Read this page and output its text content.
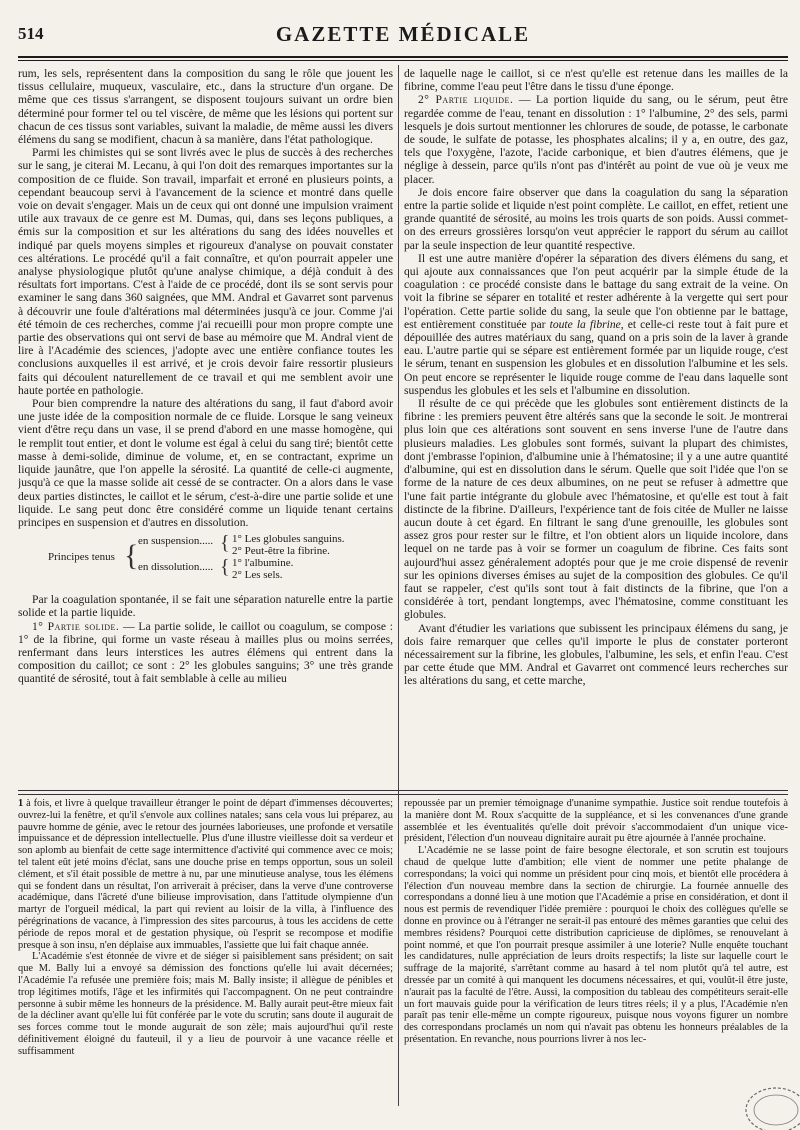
514	GAZETTE MÉDICALE

rum, les sels, représentent dans la composition du sang le rôle que jouent les tissus cellulaire, muqueux, vasculaire, etc., dans la structure d'un organe. De même que ces tissus s'arrangent, se disposent toujours suivant un ordre bien déterminé pour former tel ou tel viscère, de même que les lésions qui portent sur chacun de ces tissus sont variables, suivant la maladie, de même aussi les divers élémens du sang se modifient, chacun à sa manière, dans l'état pathologique.

Parmi les chimistes qui se sont livrés avec le plus de succès à des recherches sur le sang, je citerai M. Lecanu, à qui l'on doit des remarques importantes sur la composition de ce fluide. Son travail, imparfait et erroné en plusieurs points, a cependant beaucoup servi à l'avancement de la science et montré dans quelle voie on devait s'engager. Mais un de ceux qui ont donné une impulsion vraiment utile aux travaux de ce genre est M. Dumas, qui, dans ses leçons publiques, a émis sur la composition et sur les altérations du sang des idées nouvelles et indiqué par quels moyens simples et rigoureux d'analyse on pouvait constater ces altérations. Le procédé qu'il a fait connaître, et qu'on pourrait appeler une analyse physiologique plutôt qu'une analyse chimique, a déjà conduit à des résultats fort importans. C'est à l'aide de ce procédé, dont ils se sont servis pour examiner le sang dans 360 saignées, que MM. Andral et Gavarret sont parvenus à découvrir une foule d'altérations mal déterminées jusqu'à ce jour. Comme j'ai été témoin de ces recherches, comme j'ai recueilli pour mon propre compte une partie des observations qui ont servi de base au mémoire que M. Andral vient de lire à l'Académie des sciences, j'adopte avec une entière confiance toutes les conclusions auxquelles il est arrivé, et je crois devoir faire ressortir plusieurs faits qui découlent naturellement de ce travail et qui me semblent avoir une haute portée en pathologie.

Pour bien comprendre la nature des altérations du sang, il faut d'abord avoir une juste idée de la composition normale de ce fluide. Lorsque le sang veineux vient d'être reçu dans un vase, il se prend d'abord en une masse homogène, qui le remplit tout entier, et dont le volume est égal à celui du sang tiré; bientôt cette masse à demi-solide, diminue de volume, et, en se contractant, exprime un liquide jaunâtre, que l'on appelle la sérosité. La quantité de celle-ci augmente, jusqu'à ce que la masse solide ait cessé de se contracter. On a alors dans le vase deux parties distinctes, le caillot et le sérum, c'est-à-dire une partie solide et une liquide. Le sang peut donc être considéré comme un liquide tenant certains principes en suspension et d'autres en dissolution.

Principes tenus { en suspension.....
en dissolution.....
{
{
1° Les globules sanguins.
2° Peut-être la fibrine.
1° l'albumine.
2° Les sels.

Par la coagulation spontanée, il se fait une séparation naturelle entre la partie solide et la partie liquide.

1° Partie solide. — La partie solide, le caillot ou coagulum, se compose : 1° de la fibrine, qui forme un vaste réseau à mailles plus ou moins serrées, renfermant dans leurs interstices les autres élémens qui entrent dans la composition du caillot; ce sont : 2° les globules sanguins; 3° une très grande quantité de sérosité, tout à fait semblable à celle au milieu

de laquelle nage le caillot, si ce n'est qu'elle est retenue dans les mailles de la fibrine, comme l'eau peut l'être dans le tissu d'une éponge.

2° Partie liquide. — La portion liquide du sang, ou le sérum, peut être regardée comme de l'eau, tenant en dissolution : 1° l'albumine, 2° des sels, parmi lesquels je dois surtout mentionner les chlorures de soude, de potasse, le carbonate de soude, le sulfate de potasse, les phosphates alcalins; il y a, en outre, des gaz, tels que l'oxygène, l'azote, l'acide carbonique, et bien d'autres élémens, que je néglige à dessein, parce qu'ils n'ont pas d'intérêt au point de vue où je veux me placer.

Je dois encore faire observer que dans la coagulation du sang la séparation entre la partie solide et liquide n'est point complète. Le caillot, en effet, retient une grande quantité de sérosité, au moins les trois quarts de son poids. Aussi commet-on des erreurs grossières lorsqu'on veut apprécier le rapport du sérum au caillot par la seule inspection de leur quantité respective.

Il est une autre manière d'opérer la séparation des divers élémens du sang, et qui ajoute aux connaissances que l'on peut acquérir par la simple étude de la coagulation : ce procédé consiste dans le battage du sang extrait de la veine. On voit la fibrine se séparer en totalité et rester adhérente à la vergette qui sert pour l'opération. Cette partie solide du sang, la seule que l'on obtienne par le battage, est entièrement constituée par toute la fibrine, et celle-ci reste tout à fait pure et dépouillée des autres matériaux du sang, quand on a pris soin de la laver à grande eau. L'autre partie qui se sépare est entièrement formée par un liquide rouge, c'est le sérum, tenant en suspension les globules et en dissolution l'albumine et les sels. On peut encore se représenter le liquide rouge comme de l'eau dans laquelle sont suspendus les globules et les sels et l'albumine en dissolution.

Il résulte de ce qui précède que les globules sont entièrement distincts de la fibrine : les premiers peuvent être altérés sans que la seconde le soit. Je montrerai plus loin que ces altérations sont souvent en sens inverse l'une de l'autre dans plusieurs maladies. Les globules sont formés, suivant la plupart des chimistes, dont j'embrasse l'opinion, d'albumine unie à l'hématosine; il y a une autre quantité d'albumine, qui est en dissolution dans le sérum. Quelle que soit l'idée que l'on se forme de la nature de ces deux albumines, on ne peut se refuser à admettre que l'une fait partie intégrante du globule avec l'hématosine, et qu'elle est tout à fait distincte de la fibrine. D'ailleurs, l'expérience tant de fois citée de Muller ne laisse aucun doute à cet égard. En filtrant le sang d'une grenouille, les globules sont assez gros pour rester sur le filtre, et l'on obtient alors un liquide incolore, dans lequel on ne tarde pas à voir se former un coagulum de fibrine. Ces faits sont aujourd'hui assez généralement adoptés pour que je me croie dispensé de revenir sur les opinions diverses émises au sujet de la composition des globules. Ce qu'il faut se rappeler, c'est qu'ils sont tout à fait distincts de la fibrine, que l'on a considérée à tort, pendant longtemps, avec l'hématosine, comme constituant les globules.

Avant d'étudier les variations que subissent les principaux élémens du sang, je dois faire remarquer que celles qu'il importe le plus de constater porteront nécessairement sur la fibrine, les globules, l'albumine, les sels, et enfin l'eau. C'est par cette étude que MM. Andral et Gavarret ont commencé leurs recherches sur les altérations du sang, et cette marche,

1 à fois, et livre à quelque travailleur étranger le point de départ d'immenses découvertes; ouvrez-lui la fenêtre, et qu'il s'envole aux collines natales; sans cela vous lui préparez, au pauvre homme de génie, avec le retour des journées laborieuses, une profonde et versatile impuissance et de dépression intellectuelle. Plus d'une illustre vieillesse doit sa verdeur et son aplomb au bienfait de cette sage intermittence d'activité qui commence avec ce mois; tel talent eût jeté moins d'éclat, sans une douche prise en temps opportun, sous un soleil clément, et s'il était possible de mettre à nu, par une minutieuse analyse, tous les élémens qui se fondent dans un résultat, l'on arriverait à préciser, dans la verve d'une controverse académique, dans l'âcreté d'une bilieuse improvisation, dans l'attitude olympienne d'un martyr de l'orgueil médical, la part qui revient au loisir de la villa, à l'influence des pérégrinations de vacance, à l'impression des sites parcourus, à tous les accidens de cette période de repos moral et de gestation physique, où l'esprit se recompose et modifie presque à son insu, n'en déplaise aux immuables, l'assiette que lui fait chaque année.

L'Académie s'est étonnée de vivre et de siéger si paisiblement sans président; on sait que M. Bally lui a envoyé sa démission des fonctions qu'elle lui avait décernées; l'Académie l'a refusée une première fois; mais M. Bally insiste; il allègue de pénibles et trop légitimes motifs, l'âge et les infirmités qui l'accompagnent. On ne peut contraindre personne à subir même les honneurs de la présidence. M. Bally aurait peut-être mieux fait de la décliner avant qu'elle lui fût conférée par le vote du scrutin; sans doute il augurait de ses forces comme tout le monde augurait de son zèle; mais aujourd'hui qu'il reste définitivement éloigné du fauteuil, il y a lieu de pourvoir à une vacance réelle et suffisamment

repoussée par un premier témoignage d'unanime sympathie. Justice soit rendue toutefois à la manière dont M. Roux s'acquitte de la suppléance, et si les convenances d'une grande assemblée et les éventualités qu'elle doit prévoir s'accommodaient d'un unique vice-président, l'élection d'un nouveau dignitaire aurait pu être ajournée à l'année prochaine.

L'Académie ne se lasse point de faire besogne électorale, et son scrutin est toujours chaud de quelque lutte d'ambition; elle vient de nommer une petite phalange de correspondans; la voici qui nomme un président pour cinq mois, et bientôt elle procédera à l'élection d'un nouveau membre dans la section de chirurgie. La fournée annuelle des correspondans a donné lieu à une motion que l'Académie a prise en considération, et dont il nous est permis de revendiquer l'idée première : pourquoi le choix des collègues qu'elle se donne en province ou à l'étranger ne serait-il pas entouré des mêmes garanties que celui des membres résidens? Pourquoi cette distribution capricieuse de diplômes, se renouvelant à point nommé, et que l'on pourrait presque assimiler à une loterie? Nulle enquête touchant les candidatures, nulle appréciation de leurs droits respectifs; la liste sur laquelle court le suffrage de la majorité, s'arrêtant comme au hasard à tel nom plutôt qu'à tel autre, est dressée par un comité à qui manquent les documens nécessaires, et qui, voulût-il être juste, n'aurait pas la faculté de l'être. Aussi, la composition du tableau des compétiteurs serait-elle un fort mauvais guide pour la vérification de leurs titres réels; il y a plus, l'Académie n'en paraît pas tenir elle-même un compte rigoureux, puisque nous voyons figurer un nombre des correspondans proclamés un nom qui n'avait pas obtenu les honneurs préalables de la présentation. En revanche, nous pourrions livrer à nos lec-
